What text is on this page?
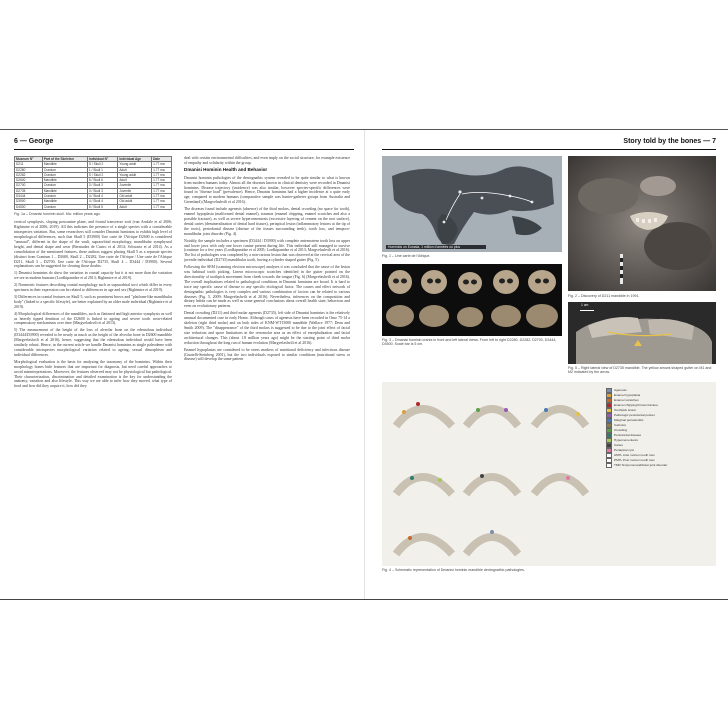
6 — George
Museum N°	Part of the Skeleton	Individual N°	Individual Age	Date
D211	Mandible	S / Skull 2	Young adult	1.77 ma
D2280	Cranium	1 / Skull 1	Adult	1.77 ma
D2282	Cranium	S / Skull 2	Young adult	1.77 ma
D2600	Mandible	6 / Skull 6	Adult	1.77 ma
D2700	Cranium	3 / Skull 3	Juvenile	1.77 ma
D2735	Mandible	3 / Skull 3	Juvenile	1.77 ma
D3444	Cranium	4 / Skull 4	Old adult	1.77 ma
D3900	Mandible	4 / Skull 4	Old adult	1.77 ma
D4500	Cranium	5 / Skull 5	Adult	1.77 ma
Fig. 1a – Dmanisi hominin skull. Ma: million years ago.

vertical symphysis, sloping postcanine plane, and frontal transverse torii (van Arsdale et al 2006; Rightmire et al 2006, 2019). All this indicates the presence of a single species with a considerable intraspecies variation. But, some researchers still consider Dmanisi hominins to exhibit high level of morphological differences, such that Skull 5 (D3900) Une carte de l'Afrique D2600 is considered "unusual", different in the shape of the vault, supraorbital morphology, mandibular symphyseal height, and dental shape and wear (Bermudez de Castro et al 2014; Schwartz et al 2014). As a consolidation of the mentioned features, these authors suggest placing Skull 5 as a separate species (distinct from Cranium 1 – D2600, Skull 2 – D2282, Une carte de l'Afrique / Une carte de l'Afrique D211, Skull 3 – D2700, Une carte de l'Afrique D2735, Skull 4 – D3444 / D3900). Several explanations can be suggested for clearing those doubts:

1) Dmanisi hominins do show the variation in cranial capacity but it is not more than the variation we see in modern humans (Lordkipanidze et al 2013; Rightmire et al 2019).

2) Nonmetric features describing cranial morphology such as supraorbital torii which differ in every specimen in their expression can be related to differences in age and sex (Rightmire et al 2019).

3) Differences in cranial features on Skull 5, such as prominent brows and "platform-like mandibular body" (linked to a specific lifestyle), are better explained by an older male individual (Rightmire et al 2019).

4) Morphological differences of the mandibles, such as flattened and high anterior symphysis as well as heavily tipped dentition of the D2600 is linked to ageing and severe tooth wear-related compensatory mechanisms over time (Margvelashvili et al 2013).

5) The measurement of the height of the loss of alveolar bone on the edentulous individual (D3444/D3900) revealed to be nearly as much as the height of the alveolar bone in D2600 mandible (Margvelashvili et al 2016), hence, suggesting that the edentulous individual would have been similarly robust. Hence, in the current article we handle Dmanisi hominins as single paleodeme with considerable intraspecies morphological variation related to ageing, sexual dimorphism and individual differences.

Morphological evaluation is the basis for analyzing the taxonomy of the hominins. Within their morphology bones hide features that are important for diagnosis, but need careful approaches to avoid misinterpretations. Moreover, the features observed may not be physiological but pathological. Their characterization, discrimination and detailed examination is the key for understanding the anatomy, variation and also lifestyle. This way we are able to infer how they moved, what type of food and how did they acquire it, how did they

deal with certain environmental difficulties, and even imply on the social structure, for example existence of empathy and solidarity within the group.

Dmanisi Hominin Health and Behavior

Dmanisi hominin pathologies of the dentognathic system revealed to be quite similar to what is known from modern humans today. Almost all the diseases known in clinical dentistry were recorded in Dmanisi hominins. Disease trajectory (incidence) was also similar, however species-specific differences were found in "disease load" (prevalence). Hence, Dmanisi hominins had a higher incidence at a quite early age, compared to modern humans (comparative sample was hunter-gatherer groups from Australia and Greenland) (Margvelashvili et al 2016).

The diseases found include agenesis (absence) of the third molars, dental crowding (no space for tooth), enamel hypoplasia (malformed dental enamel), traumas (enamel chipping, enamel scratches and also a possible fracture), as well as severe hypercementosis (excessive layering of cement on the root surface), dental caries (demineralization of dental hard tissues), periapical lesion (inflammatory lesions at the tip of the roots), periodontal disease (disease of the tissues surrounding teeth), tooth loss, and temporo-mandibular joint disorder (Fig. 4).

Notably, the sample includes a specimen (D3444 / D3900) with complete antemortem tooth loss on upper and lower jaws with only one lower canine present during life. This individual still managed to survive (continue for a few years (Lordkipanidze et al 2005; Lordkipanidze et al 2013; Margvelashvili et al 2016). The list of pathologies was completed by a non-carious lesion that was observed at the cervical area of the juvenile individual (D2735) mandibular tooth, having a cylinder shaped gutter (Fig. 5).

Following the SEM (scanning electron microscope) analyses it was concluded that the cause of the lesion was habitual tooth picking. Linear microscopic scratches identified in the gutter pointed on the directionality of toothpick movement from cheek towards the tongue (Fig. 6) (Margvelashvili et al 2016). The overall implications related to pathological conditions in Dmanisi hominins are broad. It is hard to trace any specific cause of disease to any specific etiological factor. The causes and effect network of dentognathic pathologies is very complex and various combination of factors can be related to various diseases (Fig. 5, 2009; Margvelashvili et al 2016). Nevertheless, inferences on the composition and dietary habits can be made as well as some general conclusions about overall health state, behaviour and even on evolutionary patterns.

Dental crowding (D211) and third molar agenesis (D2735), left side of Dmanisi hominins is the relatively unusual documented case in early Homo. Although cases of agenesis have been recorded in Omo 75-14 a skeleton (right third molar) and on both sides of KNM-WT15000 mandible (Wallace 1977; Dean and Smith 2009). The "disappearance" of the third molars is suggested to be due to the joint effect of facial size reduction and space limitations in the retromolar area as an effect of encephalization and facial architectural changes. This (about 1.8 million years ago) might be the starting point of third molar reduction throughout the long run of human evolution (Margvelashvili et al 2016).

Enamel hypoplasias are considered to be stress markers of nutritional deficiency and infectious disease (Guatelli-Steinberg 2001), but the two individuals exposed to similar conditions (nutritional stress or disease) will develop the same pattern

Story told by the bones — 7
Hominids on Eurasia, 1 million d'années ou plus
Fig. 1 – Une carte de l'Afrique.
Fig. 2 – Discovery of D211 mandible in 1991.
Fig. 3 – Dmanisi hominin crania in front and left lateral views. From left to right D2280, D2282, D2700, D3444, D4500. Scale bar is 5 cm.
1 cm
Fig. 5 – Right lateral view of D2735 mandible. The yellow arrows shaped gutter on M1 and M2 indicated by the arrow.
Agenesis
Enamel hypoplasia
Enamel scratches
Enamel chipping/Crown fracture
Toothpick lesion
Pathologic periodontal pocket
Marginal periodontitis
Calculus
Crowding
Periodontal disease
Hypercementosis
Caries
Periapical cyst
AMTL Ante mortem tooth loss
PMTL Post mortem tooth loss
TMD Temporomandibular joint disorder
Fig. 4 – Schematic representation of Dmanisi hominin mandible dentognathic pathologies.
